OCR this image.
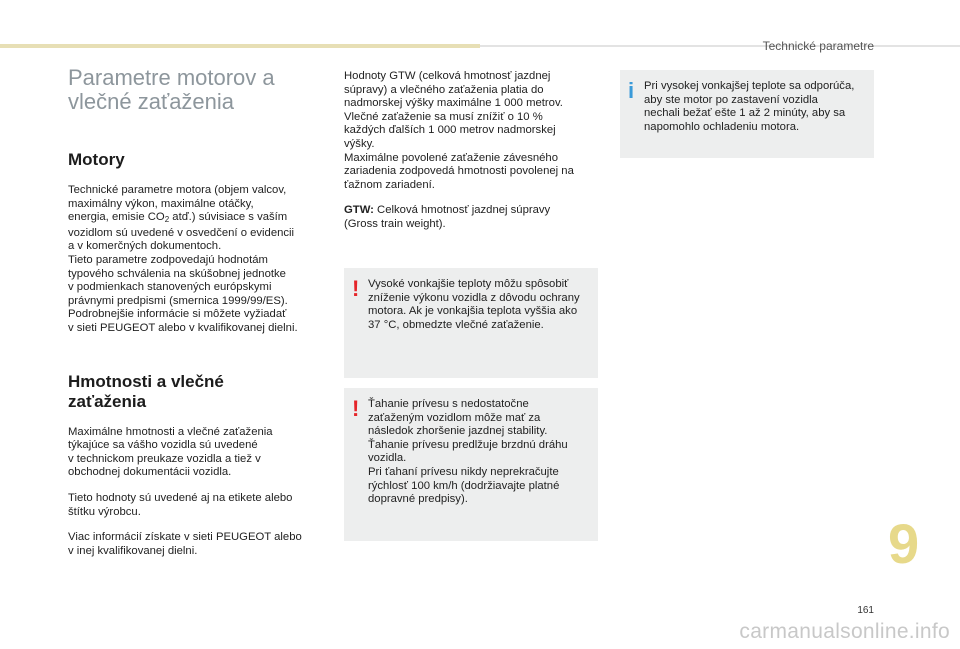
Technické parametre
Parametre motorov a
vlečné zaťaženia
Motory

Technické parametre motora (objem valcov,
maximálny výkon, maximálne otáčky,
energia, emisie $CO_2$ atď.) súvisiace s vaším
vozidlom sú uvedené v osvedčení o evidencii
a v komerčných dokumentoch.
Tieto parametre zodpovedajú hodnotám
typového schválenia na skúšobnej jednotke
v podmienkach stanovených európskymi
právnymi predpismi (smernica 1999/99/ES).
Podrobnejšie informácie si môžete vyžiadať
v sieti PEUGEOT alebo v kvalifikovanej dielni.

Hmotnosti a vlečné
zaťaženia

Maximálne hmotnosti a vlečné zaťaženia
týkajúce sa vášho vozidla sú uvedené
v technickom preukaze vozidla a tiež v
obchodnej dokumentácii vozidla.

Tieto hodnoty sú uvedené aj na etikete alebo
štítku výrobcu.

Viac informácií získate v sieti PEUGEOT alebo
v inej kvalifikovanej dielni.

Hodnoty GTW (celková hmotnosť jazdnej
súpravy) a vlečného zaťaženia platia do
nadmorskej výšky maximálne 1 000 metrov.
Vlečné zaťaženie sa musí znížiť o 10 %
každých ďalších 1 000 metrov nadmorskej
výšky.
Maximálne povolené zaťaženie závesného
zariadenia zodpovedá hmotnosti povolenej na
ťažnom zariadení.

GTW: Celková hmotnosť jazdnej súpravy
(Gross train weight).

! Vysoké vonkajšie teploty môžu spôsobiť
zníženie výkonu vozidla z dôvodu ochrany
motora. Ak je vonkajšia teplota vyššia ako
37 °C, obmedzte vlečné zaťaženie.
! Ťahanie prívesu s nedostatočne
zaťaženým vozidlom môže mať za
následok zhoršenie jazdnej stability.
Ťahanie prívesu predlžuje brzdnú dráhu
vozidla.
Pri ťahaní prívesu nikdy neprekračujte
rýchlosť 100 km/h (dodržiavajte platné
dopravné predpisy).
i Pri vysokej vonkajšej teplote sa odporúča,
aby ste motor po zastavení vozidla
nechali bežať ešte 1 až 2 minúty, aby sa
napomohlo ochladeniu motora.
9
161
carmanualsonline.info
